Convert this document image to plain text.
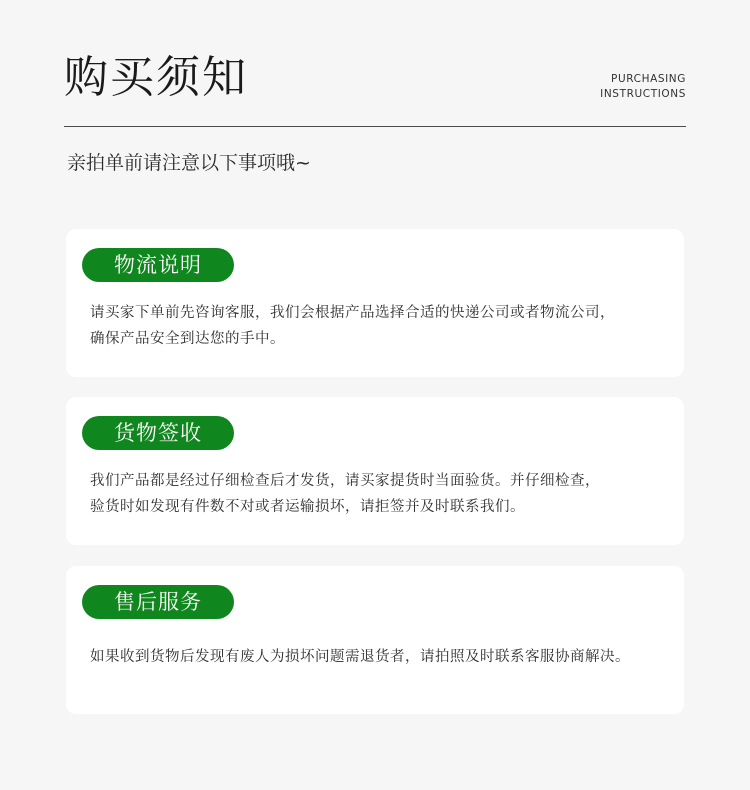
购买须知	PURCHASING
INSTRUCTIONS
亲拍单前请注意以下事项哦~
物流说明
请买家下单前先咨询客服，我们会根据产品选择合适的快递公司或者物流公司，
确保产品安全到达您的手中。
货物签收
我们产品都是经过仔细检查后才发货，请买家提货时当面验货。并仔细检查，
验货时如发现有件数不对或者运输损坏，请拒签并及时联系我们。
售后服务
如果收到货物后发现有废人为损坏问题需退货者，请拍照及时联系客服协商解决。
